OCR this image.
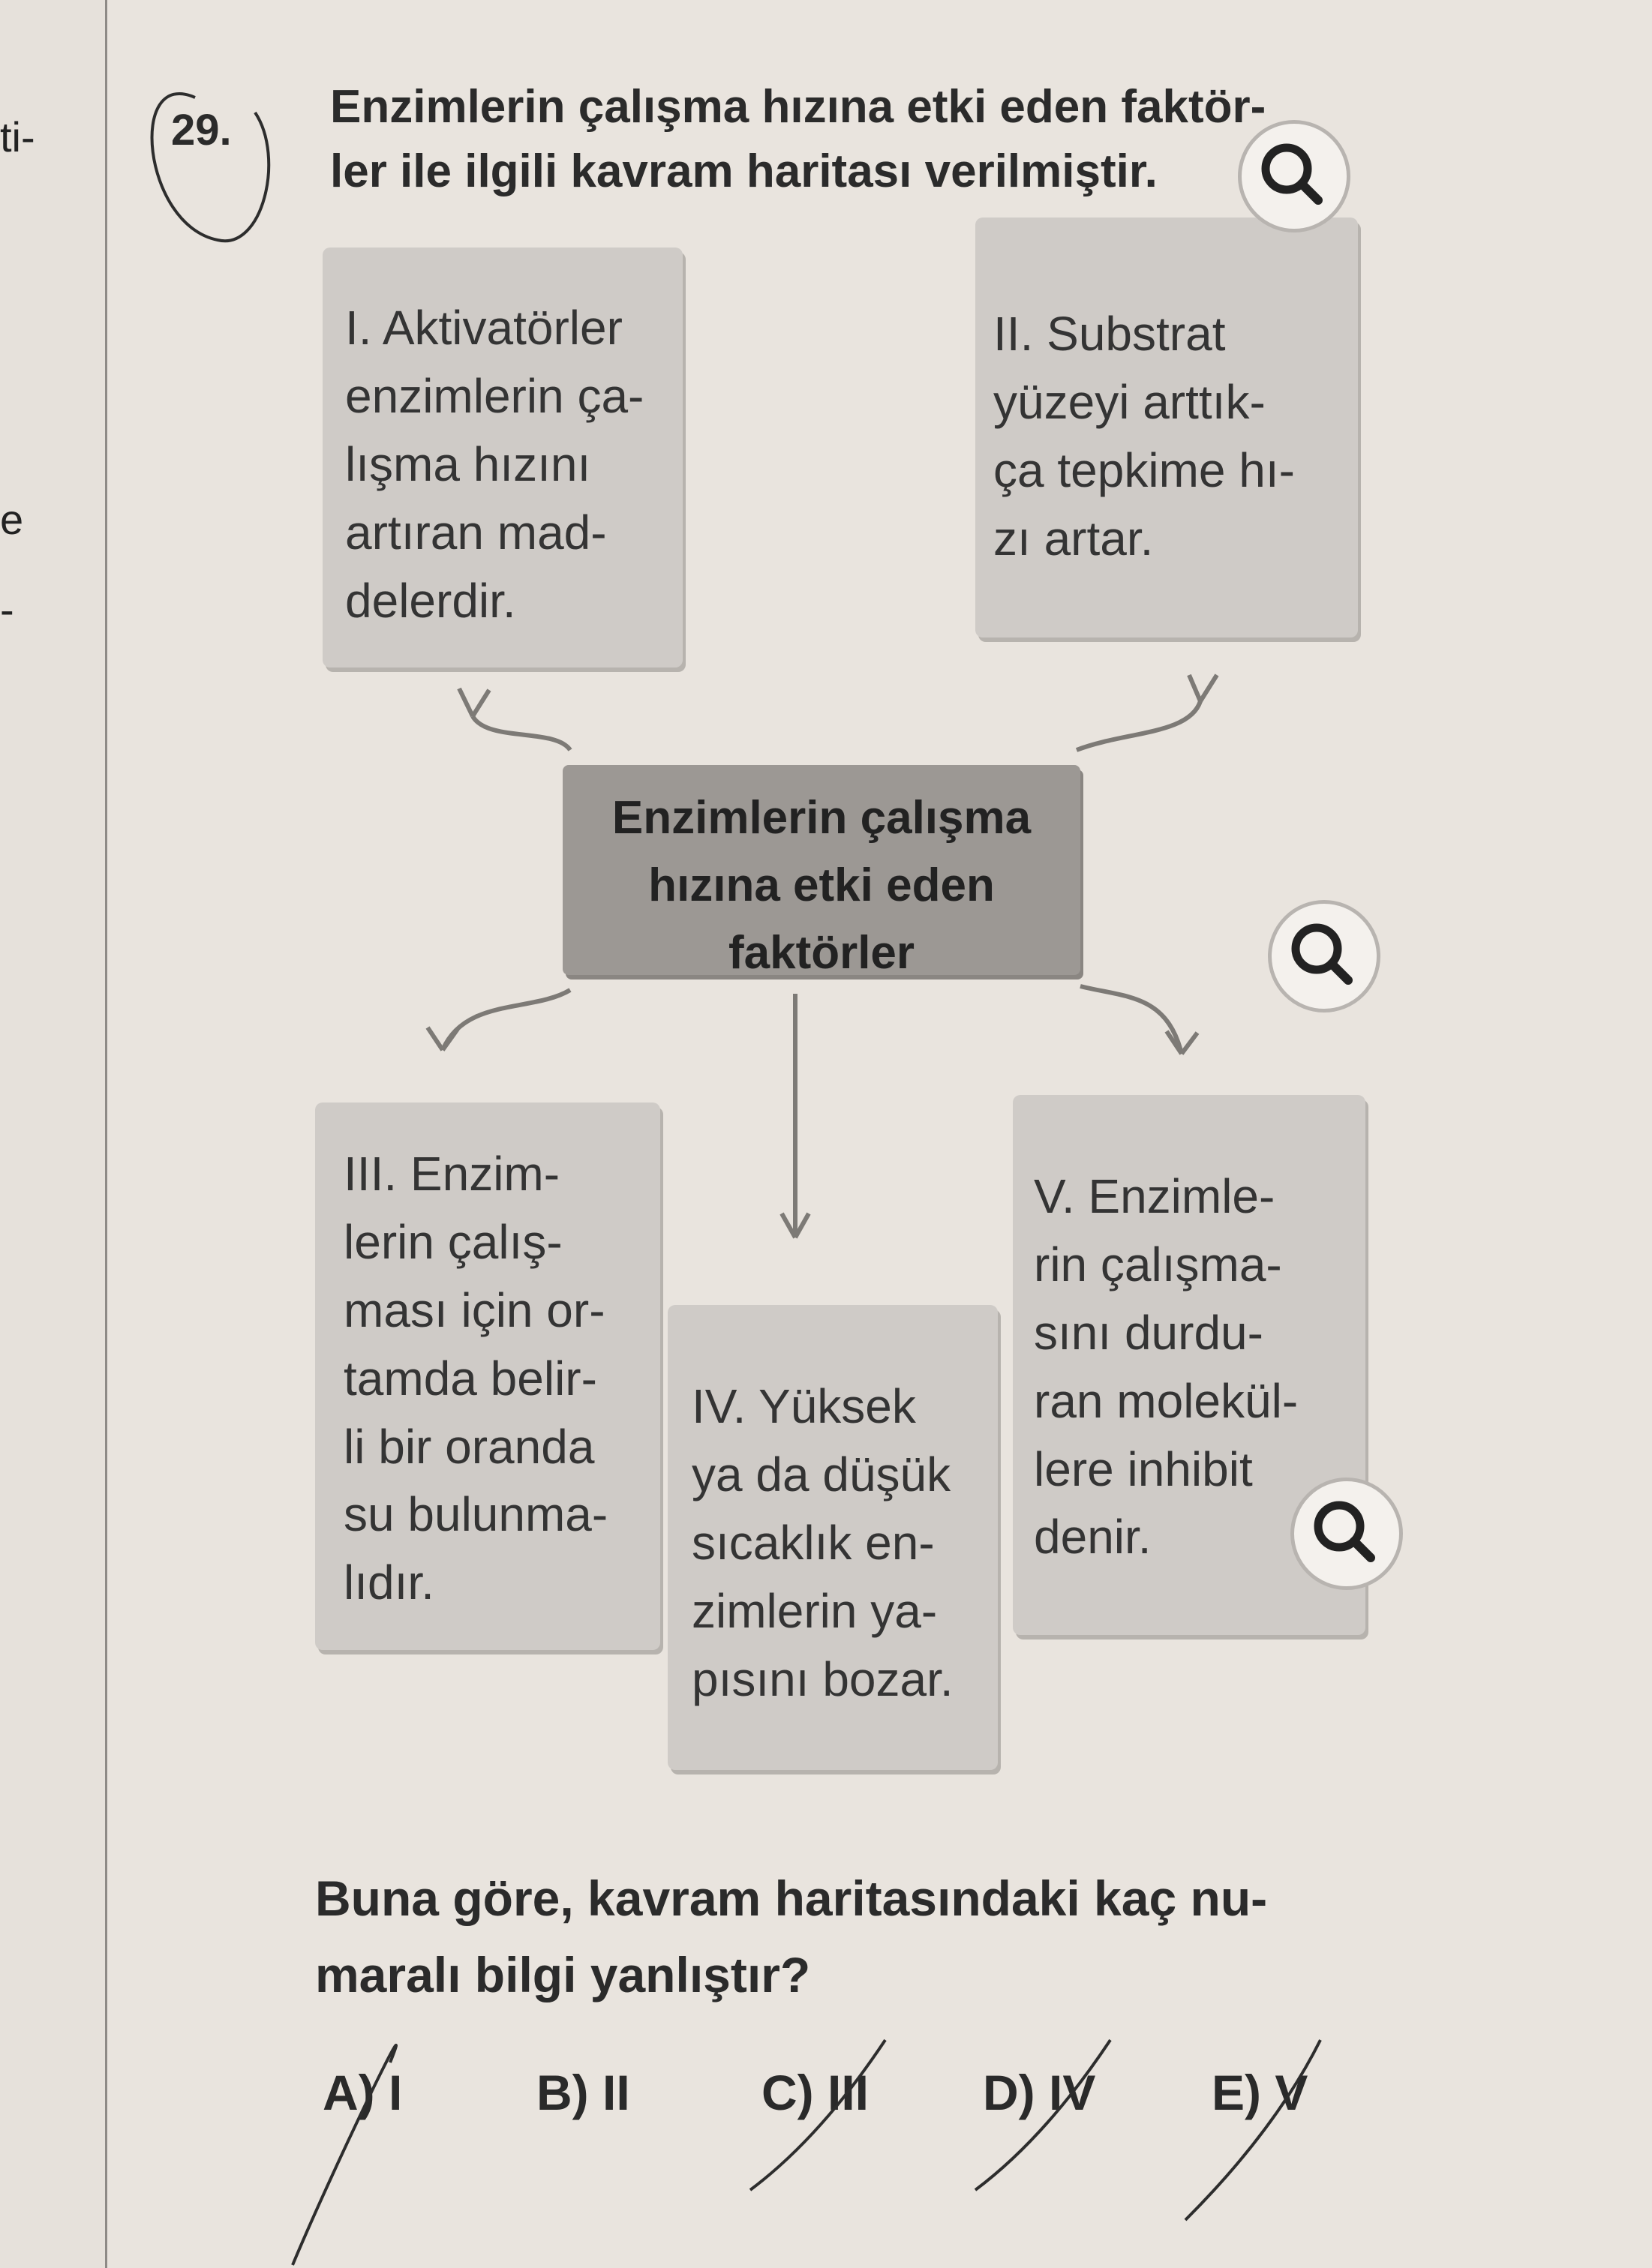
ti-
e
-
29. Enzimlerin çalışma hızına etki eden faktör-
ler ile ilgili kavram haritası verilmiştir.
I. Aktivatörler
enzimlerin ça-
lışma hızını
artıran mad-
delerdir.
II. Substrat
yüzeyi arttık-
ça tepkime hı-
zı artar.
Enzimlerin çalışma
hızına etki eden
faktörler
III. Enzim-
lerin çalış-
ması için or-
tamda belir-
li bir oranda
su bulunma-
lıdır.
IV. Yüksek
ya da düşük
sıcaklık en-
zimlerin ya-
pısını bozar.
V. Enzimle-
rin çalışma-
sını durdu-
ran molekül-
lere inhibit
denir.
Buna göre, kavram haritasındaki kaç nu-
maralı bilgi yanlıştır?
A) I	B) II	C) III D) IV E) V
